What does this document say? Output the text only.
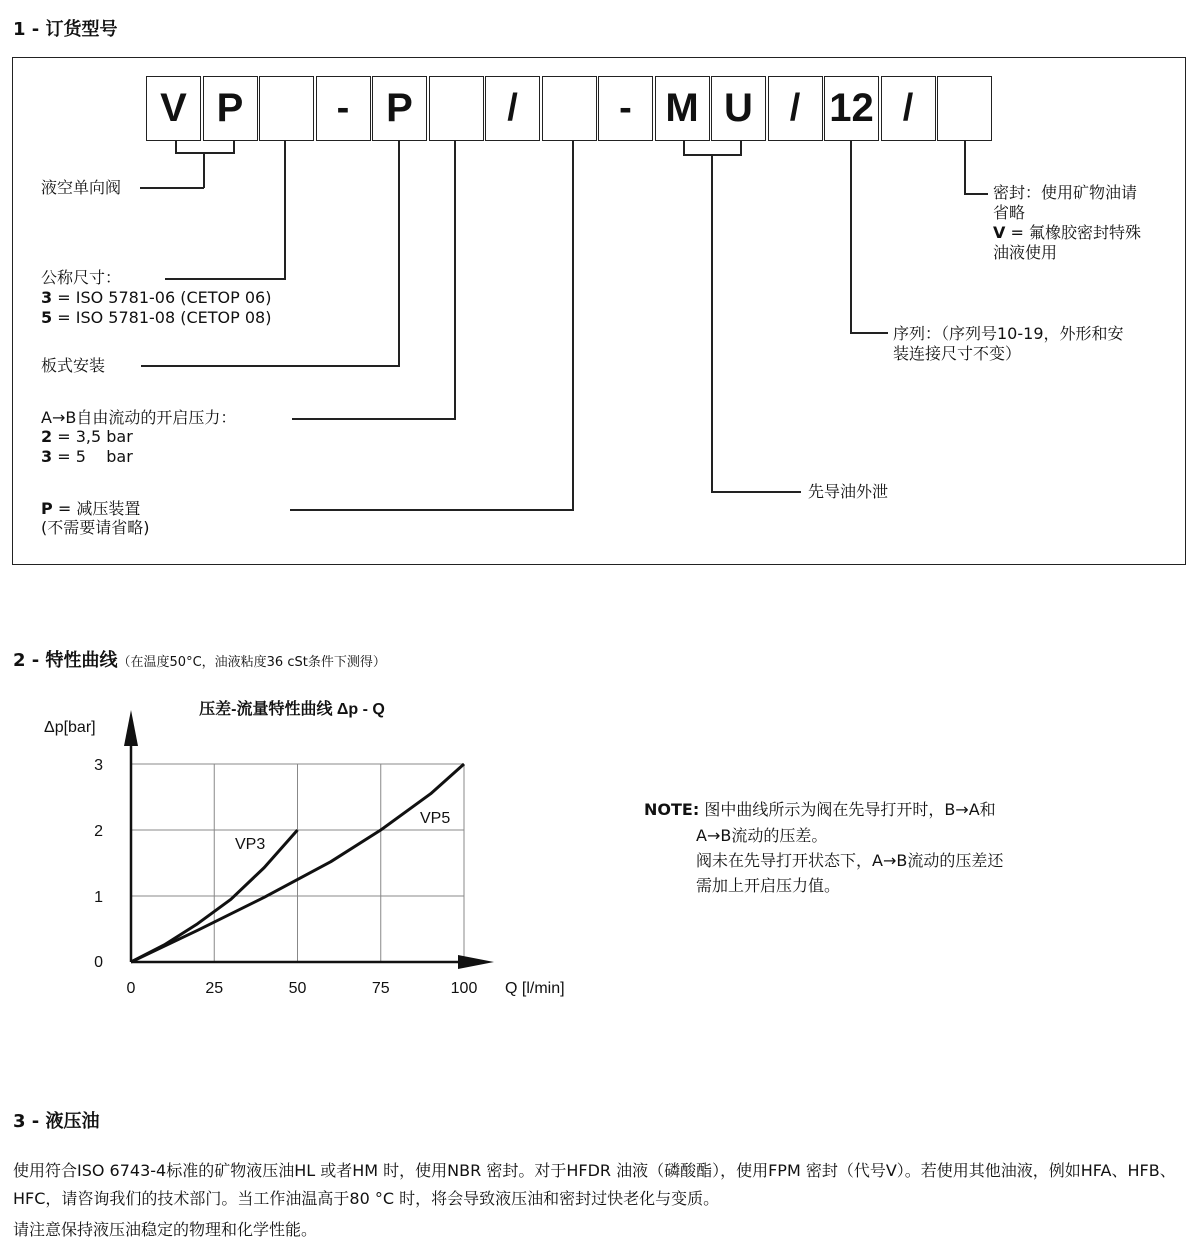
1 - 订货型号
V P	- P	/	- M U / 12 /
液空单向阀
公称尺寸：
3 = ISO 5781-06 (CETOP 06)
5 = ISO 5781-08 (CETOP 08)
板式安装
A→B自由流动的开启压力：
2 = 3,5 bar
3 = 5    bar
P = 减压装置
(不需要请省略)
先导油外泄
序列：（序列号10-19，外形和安
装连接尺寸不变）
密封：使用矿物油请
省略
V = 氟橡胶密封特殊
油液使用
2 - 特性曲线（在温度50°C，油液粘度36 cSt条件下测得）
压差-流量特性曲线 Δp - Q
Δp[bar]
Q [l/min]
0	25	50	75	100
0
1
2
3
VP3
VP5	NOTE: 图中曲线所示为阀在先导打开时，B→A和
A→B流动的压差。
阀未在先导打开状态下，A→B流动的压差还
需加上开启压力值。
3 - 液压油
使用符合ISO 6743-4标准的矿物液压油HL 或者HM 时，使用NBR 密封。对于HFDR 油液（磷酸酯），使用FPM 密封（代号V）。若使用其他油液，例如HFA、HFB、HFC，请咨询我们的技术部门。当工作油温高于80 °C 时，将会导致液压油和密封过快老化与变质。
请注意保持液压油稳定的物理和化学性能。
